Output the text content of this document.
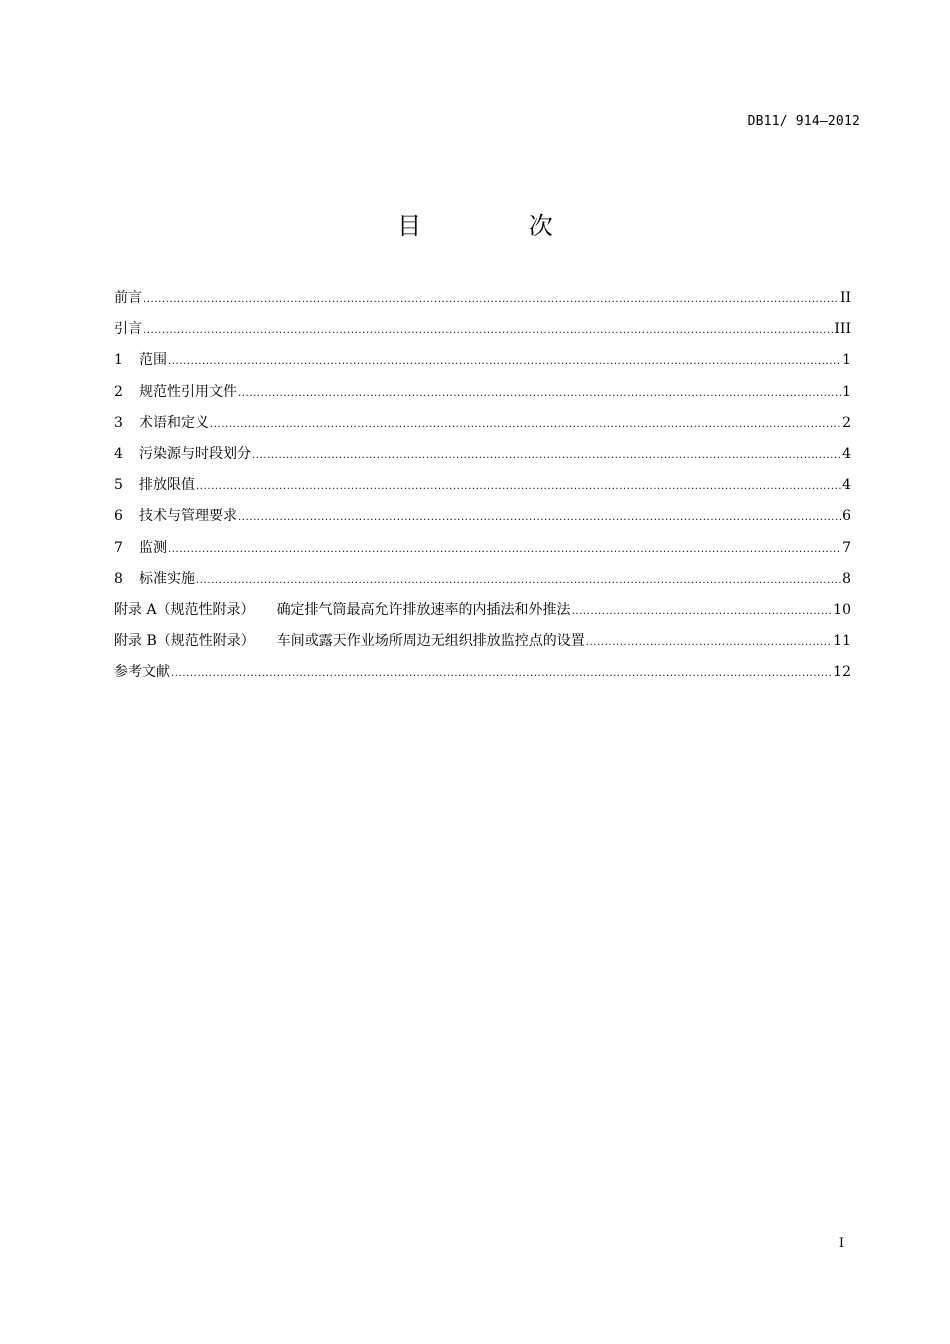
DB11/ 914—2012
目 次
前言 .....	II
引言 .....	III
1	范围 .....	1
2	规范性引用文件 .....	1
3	术语和定义 .....	2
4	污染源与时段划分 .....	4
5	排放限值 .....	4
6	技术与管理要求 .....	6
7	监测 .....	7
8	标准实施 .....	8
附录 A（规范性附录） 确定排气筒最高允许排放速率的内插法和外推法 .....	10
附录 B（规范性附录） 车间或露天作业场所周边无组织排放监控点的设置 .....	11
参考文献 .....	12
I
